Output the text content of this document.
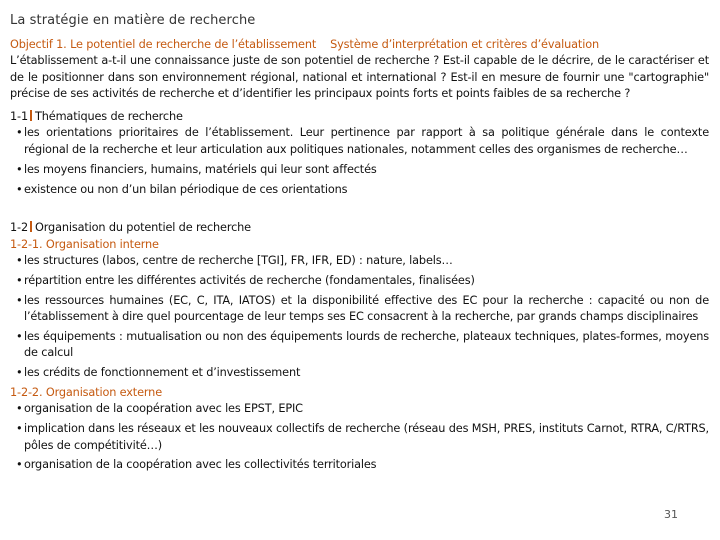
La stratégie en matière de recherche

Objectif 1. Le potentiel de recherche de l’établissement Système d’interprétation et critères d’évaluation

L’établissement a-t-il une connaissance juste de son potentiel de recherche ? Est-il capable de le décrire, de le caractériser et de le positionner dans son environnement régional, national et international ? Est-il en mesure de fournir une "cartographie" précise de ses activités de recherche et d’identifier les principaux points forts et points faibles de sa recherche ?

1-1 Thématiques de recherche

• les orientations prioritaires de l’établissement. Leur pertinence par rapport à sa politique générale dans le contexte régional de la recherche et leur articulation aux politiques nationales, notamment celles des organismes de recherche…
• les moyens financiers, humains, matériels qui leur sont affectés
• existence ou non d’un bilan périodique de ces orientations

1-2 Organisation du potentiel de recherche

1-2-1. Organisation interne

• les structures (labos, centre de recherche [TGI], FR, IFR, ED) : nature, labels…
• répartition entre les différentes activités de recherche (fondamentales, finalisées)
• les ressources humaines (EC, C, ITA, IATOS) et la disponibilité effective des EC pour la recherche : capacité ou non de l’établissement à dire quel pourcentage de leur temps ses EC consacrent à la recherche, par grands champs disciplinaires
• les équipements : mutualisation ou non des équipements lourds de recherche, plateaux techniques, plates-formes, moyens de calcul
• les crédits de fonctionnement et d’investissement

1-2-2. Organisation externe

• organisation de la coopération avec les EPST, EPIC
• implication dans les réseaux et les nouveaux collectifs de recherche (réseau des MSH, PRES, instituts Carnot, RTRA, C/RTRS, pôles de compétitivité…)
• organisation de la coopération avec les collectivités territoriales
31
